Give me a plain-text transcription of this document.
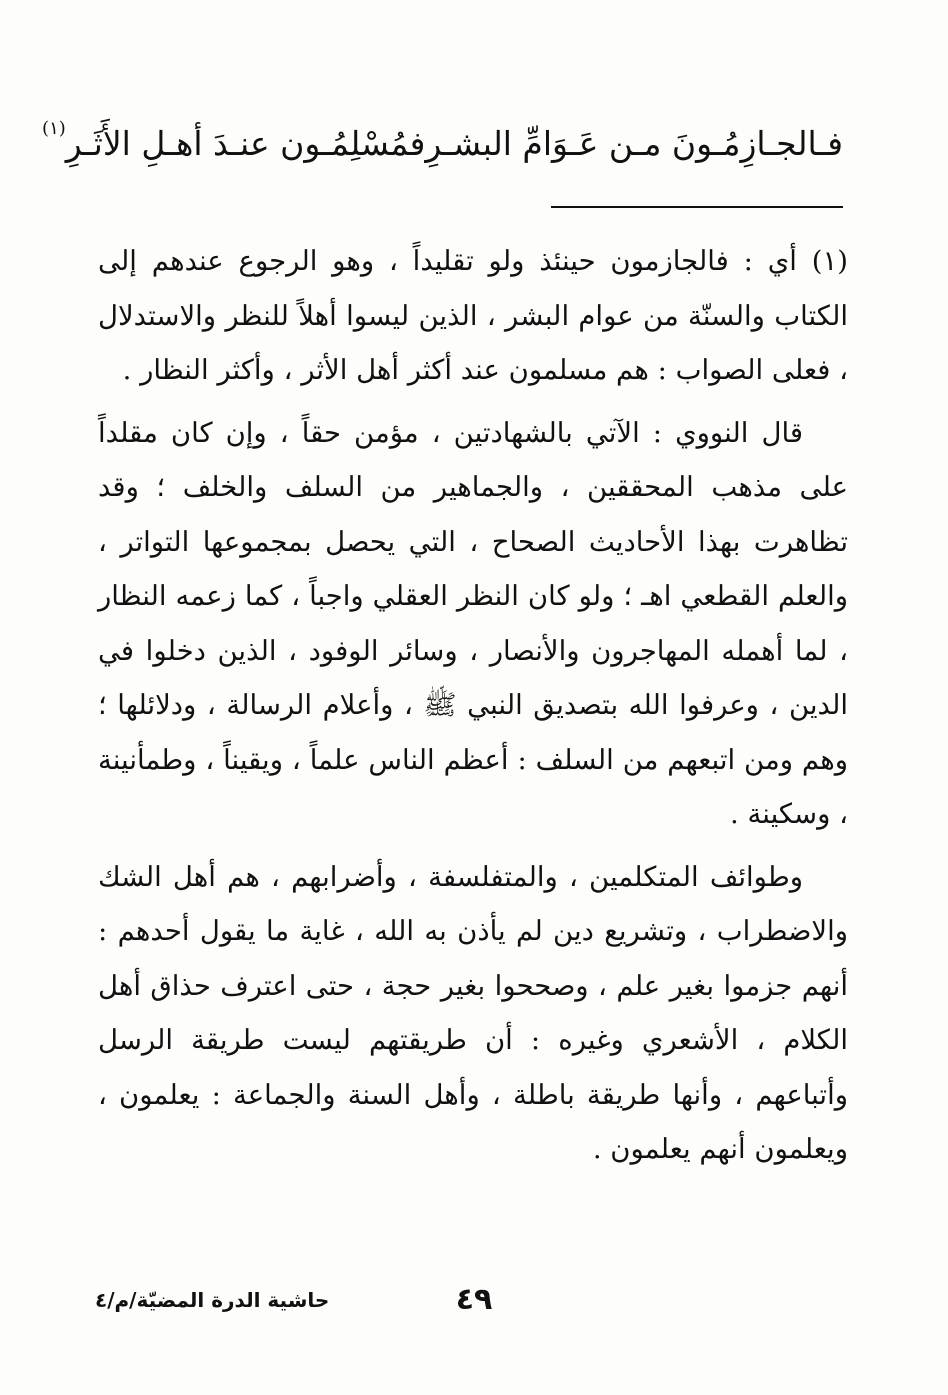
فـالجـازِمُـونَ مـن عَـوَامِّ البشـرِ
فمُسْلِمُـون عنـدَ أهـلِ الأَثَـرِ$^{(١)}$

(١) أي : فالجازمون حينئذ ولو تقليداً ، وهو الرجوع عندهم إلى الكتاب والسنّة من عوام البشر ، الذين ليسوا أهلاً للنظر والاستدلال ، فعلى الصواب : هم مسلمون عند أكثر أهل الأثر ، وأكثر النظار .

قال النووي : الآتي بالشهادتين ، مؤمن حقاً ، وإن كان مقلداً على مذهب المحققين ، والجماهير من السلف والخلف ؛ وقد تظاهرت بهذا الأحاديث الصحاح ، التي يحصل بمجموعها التواتر ، والعلم القطعي اهـ ؛ ولو كان النظر العقلي واجباً ، كما زعمه النظار ، لما أهمله المهاجرون والأنصار ، وسائر الوفود ، الذين دخلوا في الدين ، وعرفوا الله بتصديق النبي ﷺ ، وأعلام الرسالة ، ودلائلها ؛ وهم ومن اتبعهم من السلف : أعظم الناس علماً ، ويقيناً ، وطمأنينة ، وسكينة .

وطوائف المتكلمين ، والمتفلسفة ، وأضرابهم ، هم أهل الشك والاضطراب ، وتشريع دين لم يأذن به الله ، غاية ما يقول أحدهم : أنهم جزموا بغير علم ، وصححوا بغير حجة ، حتى اعترف حذاق أهل الكلام ، الأشعري وغيره : أن طريقتهم ليست طريقة الرسل وأتباعهم ، وأنها طريقة باطلة ، وأهل السنة والجماعة : يعلمون ، ويعلمون أنهم يعلمون .

٤٩
حاشية الدرة المضيّة/م/٤
